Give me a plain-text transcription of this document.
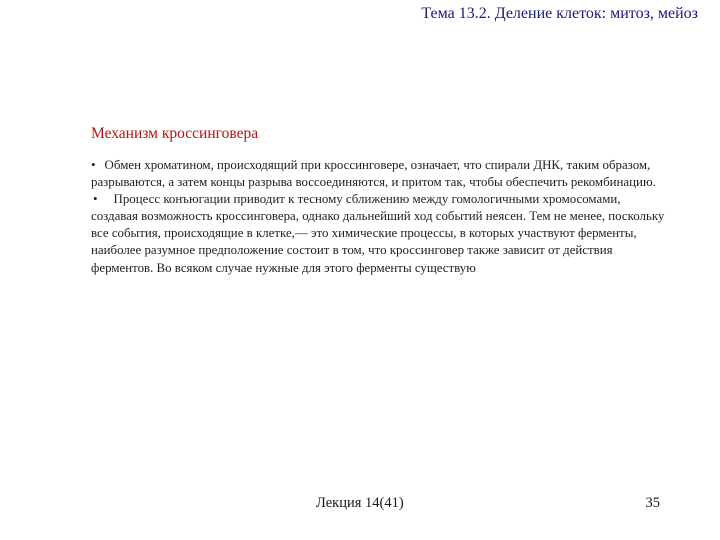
Тема 13.2. Деление клеток: митоз, мейоз
Механизм кроссинговера

• Обмен хроматином, происходящий при кроссинговере, означает, что спирали ДНК, таким образом, разрываются, а затем концы разрыва воссоединяются, и притом так, чтобы обеспечить рекомбинацию.

• Процесс конъюгации приводит к тесному сближению между гомологичными хромосомами, создавая возможность кроссинговера, однако дальнейший ход событий неясен. Тем не менее, поскольку все события, происходящие в клетке,— это химические процессы, в которых участвуют ферменты, наиболее разумное предположение состоит в том, что кроссинговер также зависит от действия ферментов. Во всяком случае нужные для этого ферменты существую

Лекция 14(41)	35
